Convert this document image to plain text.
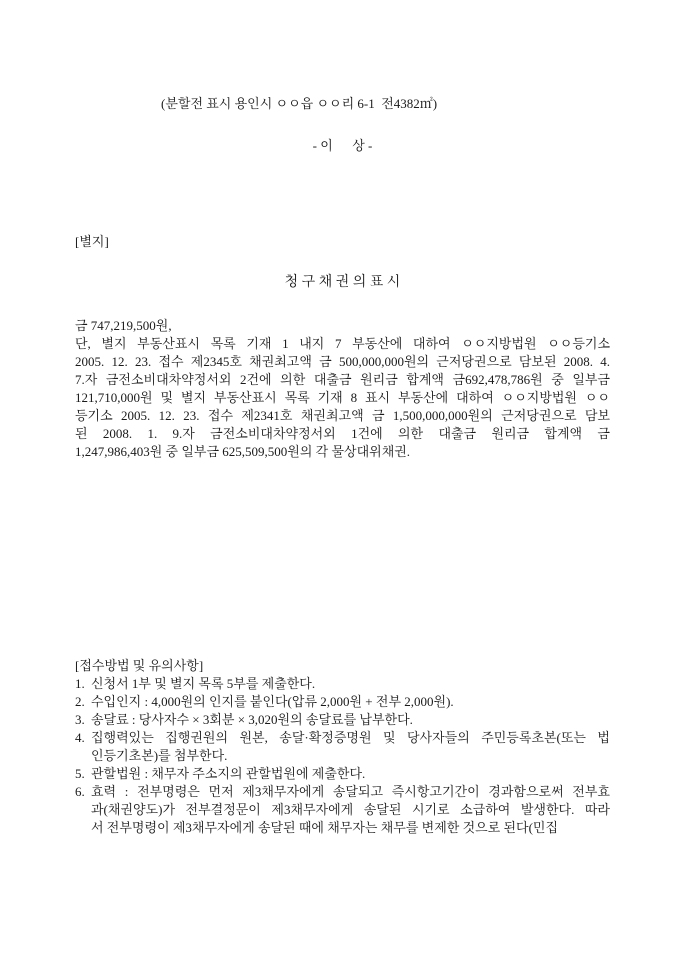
(분할전 표시 용인시 ㅇㅇ읍 ㅇㅇ리 6-1  전4382㎡)
- 이      상 -
[별지]
청 구 채 권 의 표 시
금 747,219,500원,
단, 별지 부동산표시 목록 기재 1 내지 7 부동산에 대하여 ㅇㅇ지방법원 ㅇㅇ등기소
2005. 12. 23. 접수 제2345호 채권최고액 금 500,000,000원의 근저당권으로 담보된 2008. 4.
7.자 금전소비대차약정서외 2건에 의한 대출금 원리금 합계액 금692,478,786원 중 일부금
121,710,000원 및 별지 부동산표시 목록 기재 8 표시 부동산에 대하여 ㅇㅇ지방법원 ㅇㅇ
등기소 2005. 12. 23. 접수 제2341호 채권최고액 금 1,500,000,000원의 근저당권으로 담보
된 2008. 1. 9.자 금전소비대차약정서외 1건에 의한 대출금 원리금 합계액 금
1,247,986,403원 중 일부금 625,509,500원의 각 물상대위채권.
[접수방법 및 유의사항]
1. 신청서 1부 및 별지 목록 5부를 제출한다.
2. 수입인지 : 4,000원의 인지를 붙인다(압류 2,000원 + 전부 2,000원).
3. 송달료 : 당사자수 × 3회분 × 3,020원의 송달료를 납부한다.
4. 집행력있는 집행권원의 원본, 송달·확정증명원 및 당사자들의 주민등록초본(또는 법
인등기초본)를 첨부한다.
5. 관할법원 : 채무자 주소지의 관할법원에 제출한다.
6. 효력 : 전부명령은 먼저 제3채무자에게 송달되고 즉시항고기간이 경과함으로써 전부효
과(채권양도)가 전부결정문이 제3채무자에게 송달된 시기로 소급하여 발생한다. 따라
서 전부명령이 제3채무자에게 송달된 때에 채무자는 채무를 변제한 것으로 된다(민집
